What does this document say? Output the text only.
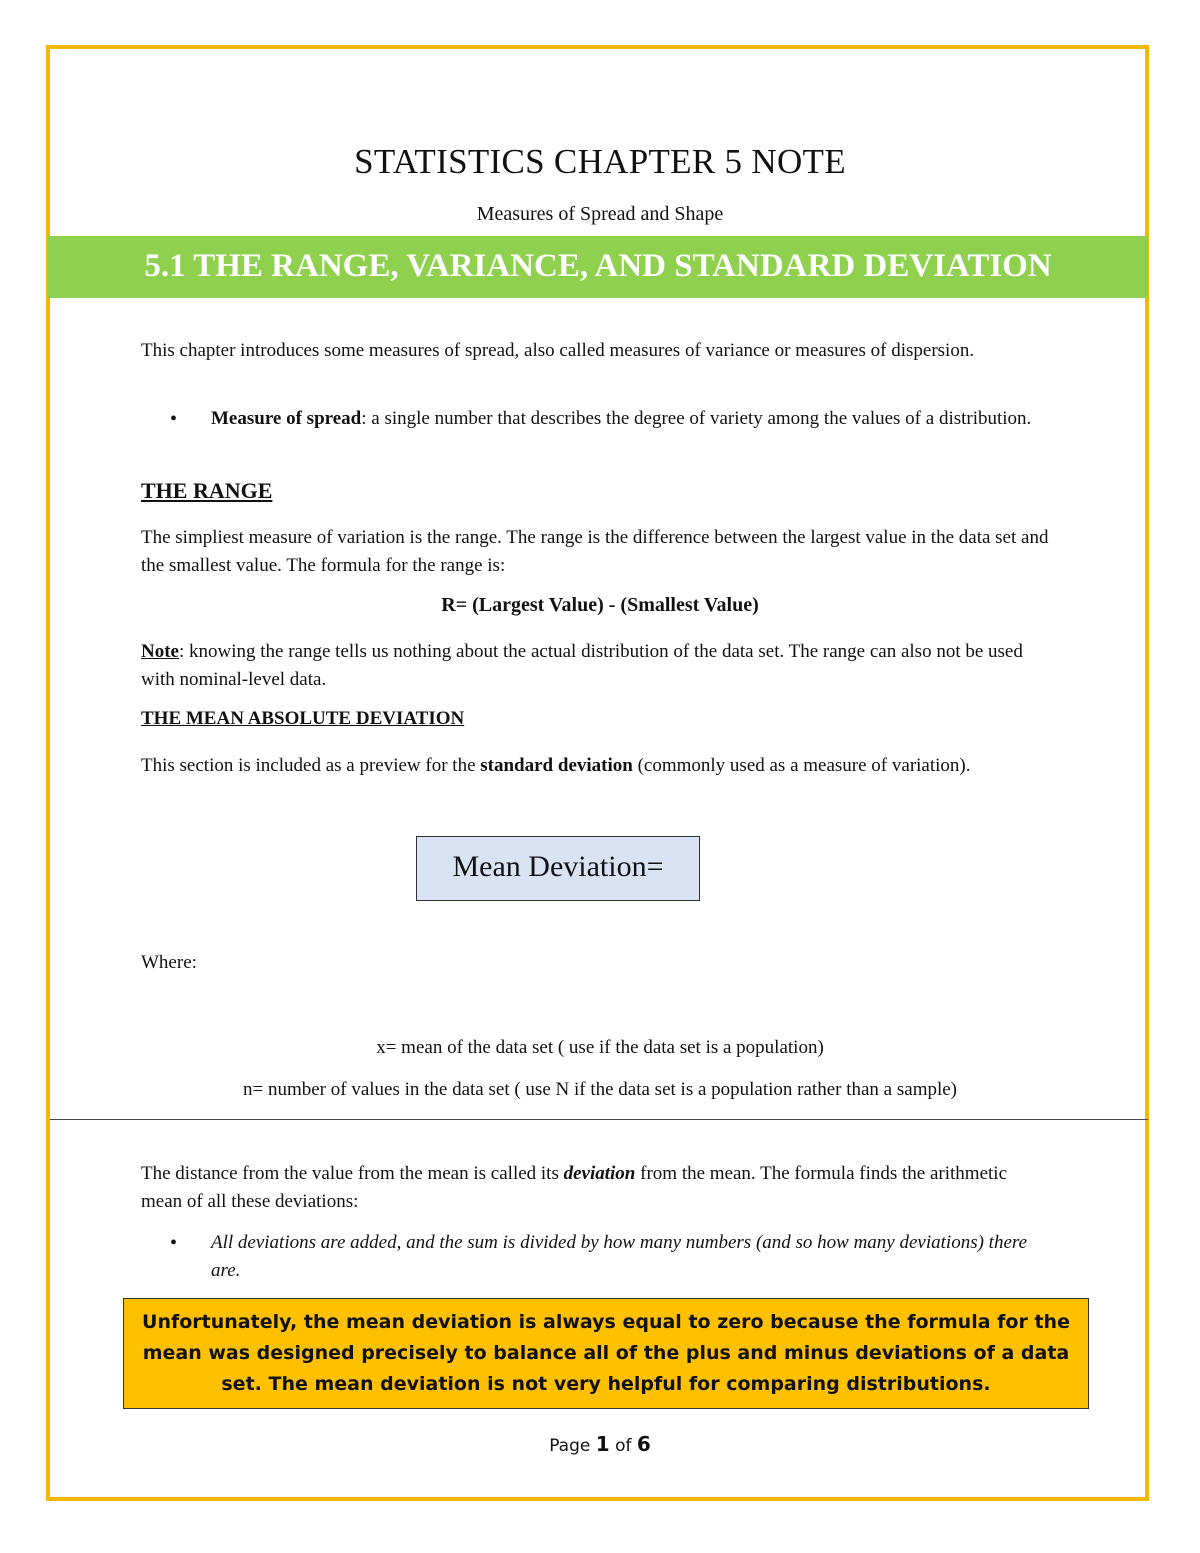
STATISTICS CHAPTER 5 NOTE
Measures of Spread and Shape
5.1 THE RANGE, VARIANCE, AND STANDARD DEVIATION
This chapter introduces some measures of spread, also called measures of variance or measures of dispersion.
• Measure of spread: a single number that describes the degree of variety among the values of a distribution.
THE RANGE
The simpliest measure of variation is the range. The range is the difference between the largest value in the data set and the smallest value. The formula for the range is:
R= (Largest Value) - (Smallest Value)
Note: knowing the range tells us nothing about the actual distribution of the data set. The range can also not be used with nominal-level data.
THE MEAN ABSOLUTE DEVIATION
This section is included as a preview for the standard deviation (commonly used as a measure of variation).
Mean Deviation=
Where:
x= mean of the data set ( use if the data set is a population)
n= number of values in the data set ( use N if the data set is a population rather than a sample)
The distance from the value from the mean is called its deviation from the mean. The formula finds the arithmetic mean of all these deviations:
• All deviations are added, and the sum is divided by how many numbers (and so how many deviations) there are.
Unfortunately, the mean deviation is always equal to zero because the formula for the mean was designed precisely to balance all of the plus and minus deviations of a data set. The mean deviation is not very helpful for comparing distributions.
Page 1 of 6
